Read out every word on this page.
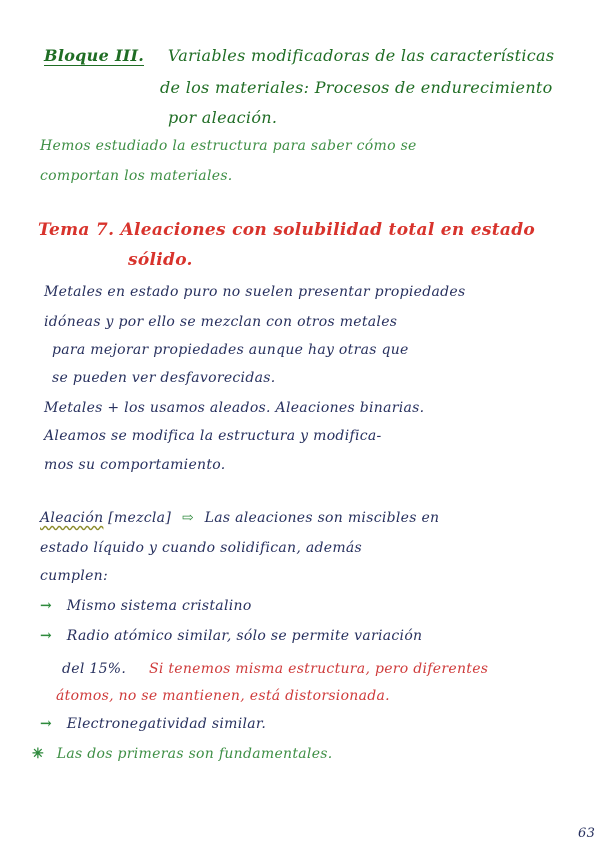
Bloque III. Variables modificadoras de las características
de los materiales: Procesos de endurecimiento
por aleación.
Hemos estudiado la estructura para saber cómo se
comportan los materiales.
Tema 7. Aleaciones con solubilidad total en estado
sólido.
Metales en estado puro no suelen presentar propiedades
idóneas y por ello se mezclan con otros metales
para mejorar propiedades aunque hay otras que
se pueden ver desfavorecidas.
Metales + los usamos aleados. Aleaciones binarias.
Aleamos se modifica la estructura y modifica-
mos su comportamiento.
Aleación [mezcla] ⇨ Las aleaciones son miscibles en
estado líquido y cuando solidifican, además
cumplen:
→ Mismo sistema cristalino
→ Radio atómico similar, sólo se permite variación
del 15%. Si tenemos misma estructura, pero diferentes
átomos, no se mantienen, está distorsionada.
→ Electronegatividad similar.
✳ Las dos primeras son fundamentales.
63
